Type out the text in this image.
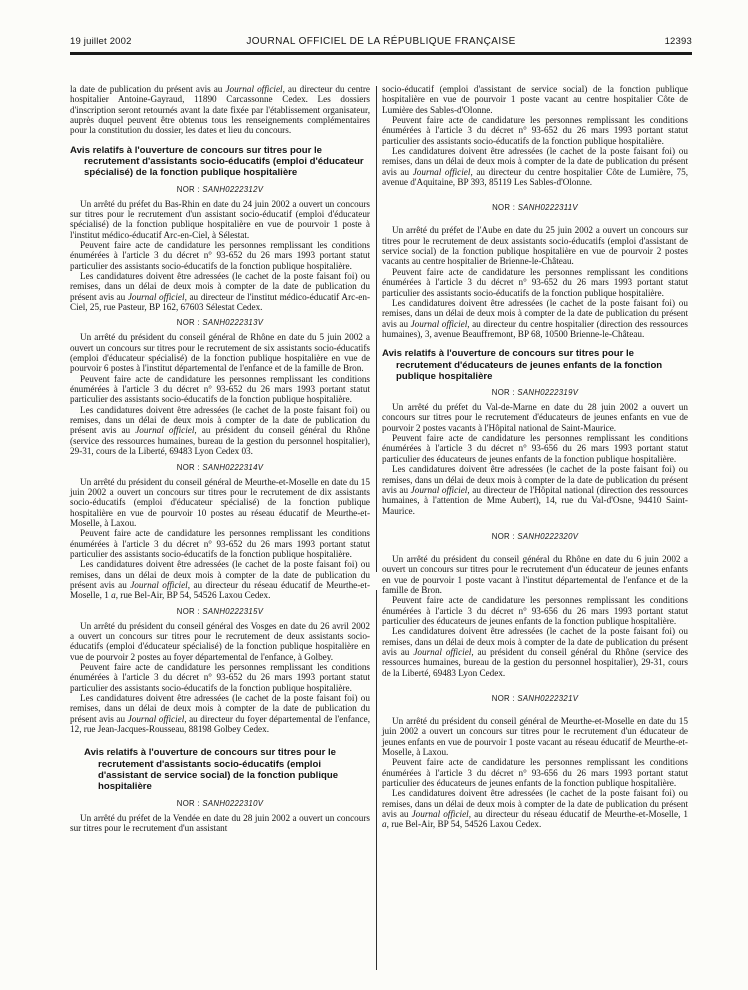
19 juillet 2002	JOURNAL OFFICIEL DE LA RÉPUBLIQUE FRANÇAISE	12393

la date de publication du présent avis au Journal officiel, au directeur du centre hospitalier Antoine-Gayraud, 11890 Carcassonne Cedex. Les dossiers d'inscription seront retournés avant la date fixée par l'établissement organisateur, auprès duquel peuvent être obtenus tous les renseignements complémentaires pour la constitution du dossier, les dates et lieu du concours.

Avis relatifs à l'ouverture de concours sur titres pour le recrutement d'assistants socio-éducatifs (emploi d'éducateur spécialisé) de la fonction publique hospitalière
NOR : SANH0222312V

Un arrêté du préfet du Bas-Rhin en date du 24 juin 2002 a ouvert un concours sur titres pour le recrutement d'un assistant socio-éducatif (emploi d'éducateur spécialisé) de la fonction publique hospitalière en vue de pourvoir 1 poste à l'institut médico-éducatif Arc-en-Ciel, à Sélestat.

Peuvent faire acte de candidature les personnes remplissant les conditions énumérées à l'article 3 du décret n° 93-652 du 26 mars 1993 portant statut particulier des assistants socio-éducatifs de la fonction publique hospitalière.

Les candidatures doivent être adressées (le cachet de la poste faisant foi) ou remises, dans un délai de deux mois à compter de la date de publication du présent avis au Journal officiel, au directeur de l'institut médico-éducatif Arc-en-Ciel, 25, rue Pasteur, BP 162, 67603 Sélestat Cedex.

NOR : SANH0222313V

Un arrêté du président du conseil général de Rhône en date du 5 juin 2002 a ouvert un concours sur titres pour le recrutement de six assistants socio-éducatifs (emploi d'éducateur spécialisé) de la fonction publique hospitalière en vue de pourvoir 6 postes à l'institut départemental de l'enfance et de la famille de Bron.

Peuvent faire acte de candidature les personnes remplissant les conditions énumérées à l'article 3 du décret n° 93-652 du 26 mars 1993 portant statut particulier des assistants socio-éducatifs de la fonction publique hospitalière.

Les candidatures doivent être adressées (le cachet de la poste faisant foi) ou remises, dans un délai de deux mois à compter de la date de publication du présent avis au Journal officiel, au président du conseil général du Rhône (service des ressources humaines, bureau de la gestion du personnel hospitalier), 29-31, cours de la Liberté, 69483 Lyon Cedex 03.

NOR : SANH0222314V

Un arrêté du président du conseil général de Meurthe-et-Moselle en date du 15 juin 2002 a ouvert un concours sur titres pour le recrutement de dix assistants socio-éducatifs (emploi d'éducateur spécialisé) de la fonction publique hospitalière en vue de pourvoir 10 postes au réseau éducatif de Meurthe-et-Moselle, à Laxou.

Peuvent faire acte de candidature les personnes remplissant les conditions énumérées à l'article 3 du décret n° 93-652 du 26 mars 1993 portant statut particulier des assistants socio-éducatifs de la fonction publique hospitalière.

Les candidatures doivent être adressées (le cachet de la poste faisant foi) ou remises, dans un délai de deux mois à compter de la date de publication du présent avis au Journal officiel, au directeur du réseau éducatif de Meurthe-et-Moselle, 1 a, rue Bel-Air, BP 54, 54526 Laxou Cedex.

NOR : SANH0222315V

Un arrêté du président du conseil général des Vosges en date du 26 avril 2002 a ouvert un concours sur titres pour le recrutement de deux assistants socio-éducatifs (emploi d'éducateur spécialisé) de la fonction publique hospitalière en vue de pourvoir 2 postes au foyer départemental de l'enfance, à Golbey.

Peuvent faire acte de candidature les personnes remplissant les conditions énumérées à l'article 3 du décret n° 93-652 du 26 mars 1993 portant statut particulier des assistants socio-éducatifs de la fonction publique hospitalière.

Les candidatures doivent être adressées (le cachet de la poste faisant foi) ou remises, dans un délai de deux mois à compter de la date de publication du présent avis au Journal officiel, au directeur du foyer départemental de l'enfance, 12, rue Jean-Jacques-Rousseau, 88198 Golbey Cedex.

Avis relatifs à l'ouverture de concours sur titres pour le recrutement d'assistants socio-éducatifs (emploi d'assistant de service social) de la fonction publique hospitalière
NOR : SANH0222310V

Un arrêté du préfet de la Vendée en date du 28 juin 2002 a ouvert un concours sur titres pour le recrutement d'un assistant

socio-éducatif (emploi d'assistant de service social) de la fonction publique hospitalière en vue de pourvoir 1 poste vacant au centre hospitalier Côte de Lumière des Sables-d'Olonne.

Peuvent faire acte de candidature les personnes remplissant les conditions énumérées à l'article 3 du décret n° 93-652 du 26 mars 1993 portant statut particulier des assistants socio-éducatifs de la fonction publique hospitalière.

Les candidatures doivent être adressées (le cachet de la poste faisant foi) ou remises, dans un délai de deux mois à compter de la date de publication du présent avis au Journal officiel, au directeur du centre hospitalier Côte de Lumière, 75, avenue d'Aquitaine, BP 393, 85119 Les Sables-d'Olonne.

NOR : SANH0222311V

Un arrêté du préfet de l'Aube en date du 25 juin 2002 a ouvert un concours sur titres pour le recrutement de deux assistants socio-éducatifs (emploi d'assistant de service social) de la fonction publique hospitalière en vue de pourvoir 2 postes vacants au centre hospitalier de Brienne-le-Château.

Peuvent faire acte de candidature les personnes remplissant les conditions énumérées à l'article 3 du décret n° 93-652 du 26 mars 1993 portant statut particulier des assistants socio-éducatifs de la fonction publique hospitalière.

Les candidatures doivent être adressées (le cachet de la poste faisant foi) ou remises, dans un délai de deux mois à compter de la date de publication du présent avis au Journal officiel, au directeur du centre hospitalier (direction des ressources humaines), 3, avenue Beauffremont, BP 68, 10500 Brienne-le-Château.

Avis relatifs à l'ouverture de concours sur titres pour le recrutement d'éducateurs de jeunes enfants de la fonction publique hospitalière
NOR : SANH0222319V

Un arrêté du préfet du Val-de-Marne en date du 28 juin 2002 a ouvert un concours sur titres pour le recrutement d'éducateurs de jeunes enfants en vue de pourvoir 2 postes vacants à l'Hôpital national de Saint-Maurice.

Peuvent faire acte de candidature les personnes remplissant les conditions énumérées à l'article 3 du décret n° 93-656 du 26 mars 1993 portant statut particulier des éducateurs de jeunes enfants de la fonction publique hospitalière.

Les candidatures doivent être adressées (le cachet de la poste faisant foi) ou remises, dans un délai de deux mois à compter de la date de publication du présent avis au Journal officiel, au directeur de l'Hôpital national (direction des ressources humaines, à l'attention de Mme Aubert), 14, rue du Val-d'Osne, 94410 Saint-Maurice.

NOR : SANH0222320V

Un arrêté du président du conseil général du Rhône en date du 6 juin 2002 a ouvert un concours sur titres pour le recrutement d'un éducateur de jeunes enfants en vue de pourvoir 1 poste vacant à l'institut départemental de l'enfance et de la famille de Bron.

Peuvent faire acte de candidature les personnes remplissant les conditions énumérées à l'article 3 du décret n° 93-656 du 26 mars 1993 portant statut particulier des éducateurs de jeunes enfants de la fonction publique hospitalière.

Les candidatures doivent être adressées (le cachet de la poste faisant foi) ou remises, dans un délai de deux mois à compter de la date de publication du présent avis au Journal officiel, au président du conseil général du Rhône (service des ressources humaines, bureau de la gestion du personnel hospitalier), 29-31, cours de la Liberté, 69483 Lyon Cedex.

NOR : SANH0222321V

Un arrêté du président du conseil général de Meurthe-et-Moselle en date du 15 juin 2002 a ouvert un concours sur titres pour le recrutement d'un éducateur de jeunes enfants en vue de pourvoir 1 poste vacant au réseau éducatif de Meurthe-et-Moselle, à Laxou.

Peuvent faire acte de candidature les personnes remplissant les conditions énumérées à l'article 3 du décret n° 93-656 du 26 mars 1993 portant statut particulier des éducateurs de jeunes enfants de la fonction publique hospitalière.

Les candidatures doivent être adressées (le cachet de la poste faisant foi) ou remises, dans un délai de deux mois à compter de la date de publication du présent avis au Journal officiel, au directeur du réseau éducatif de Meurthe-et-Moselle, 1 a, rue Bel-Air, BP 54, 54526 Laxou Cedex.
